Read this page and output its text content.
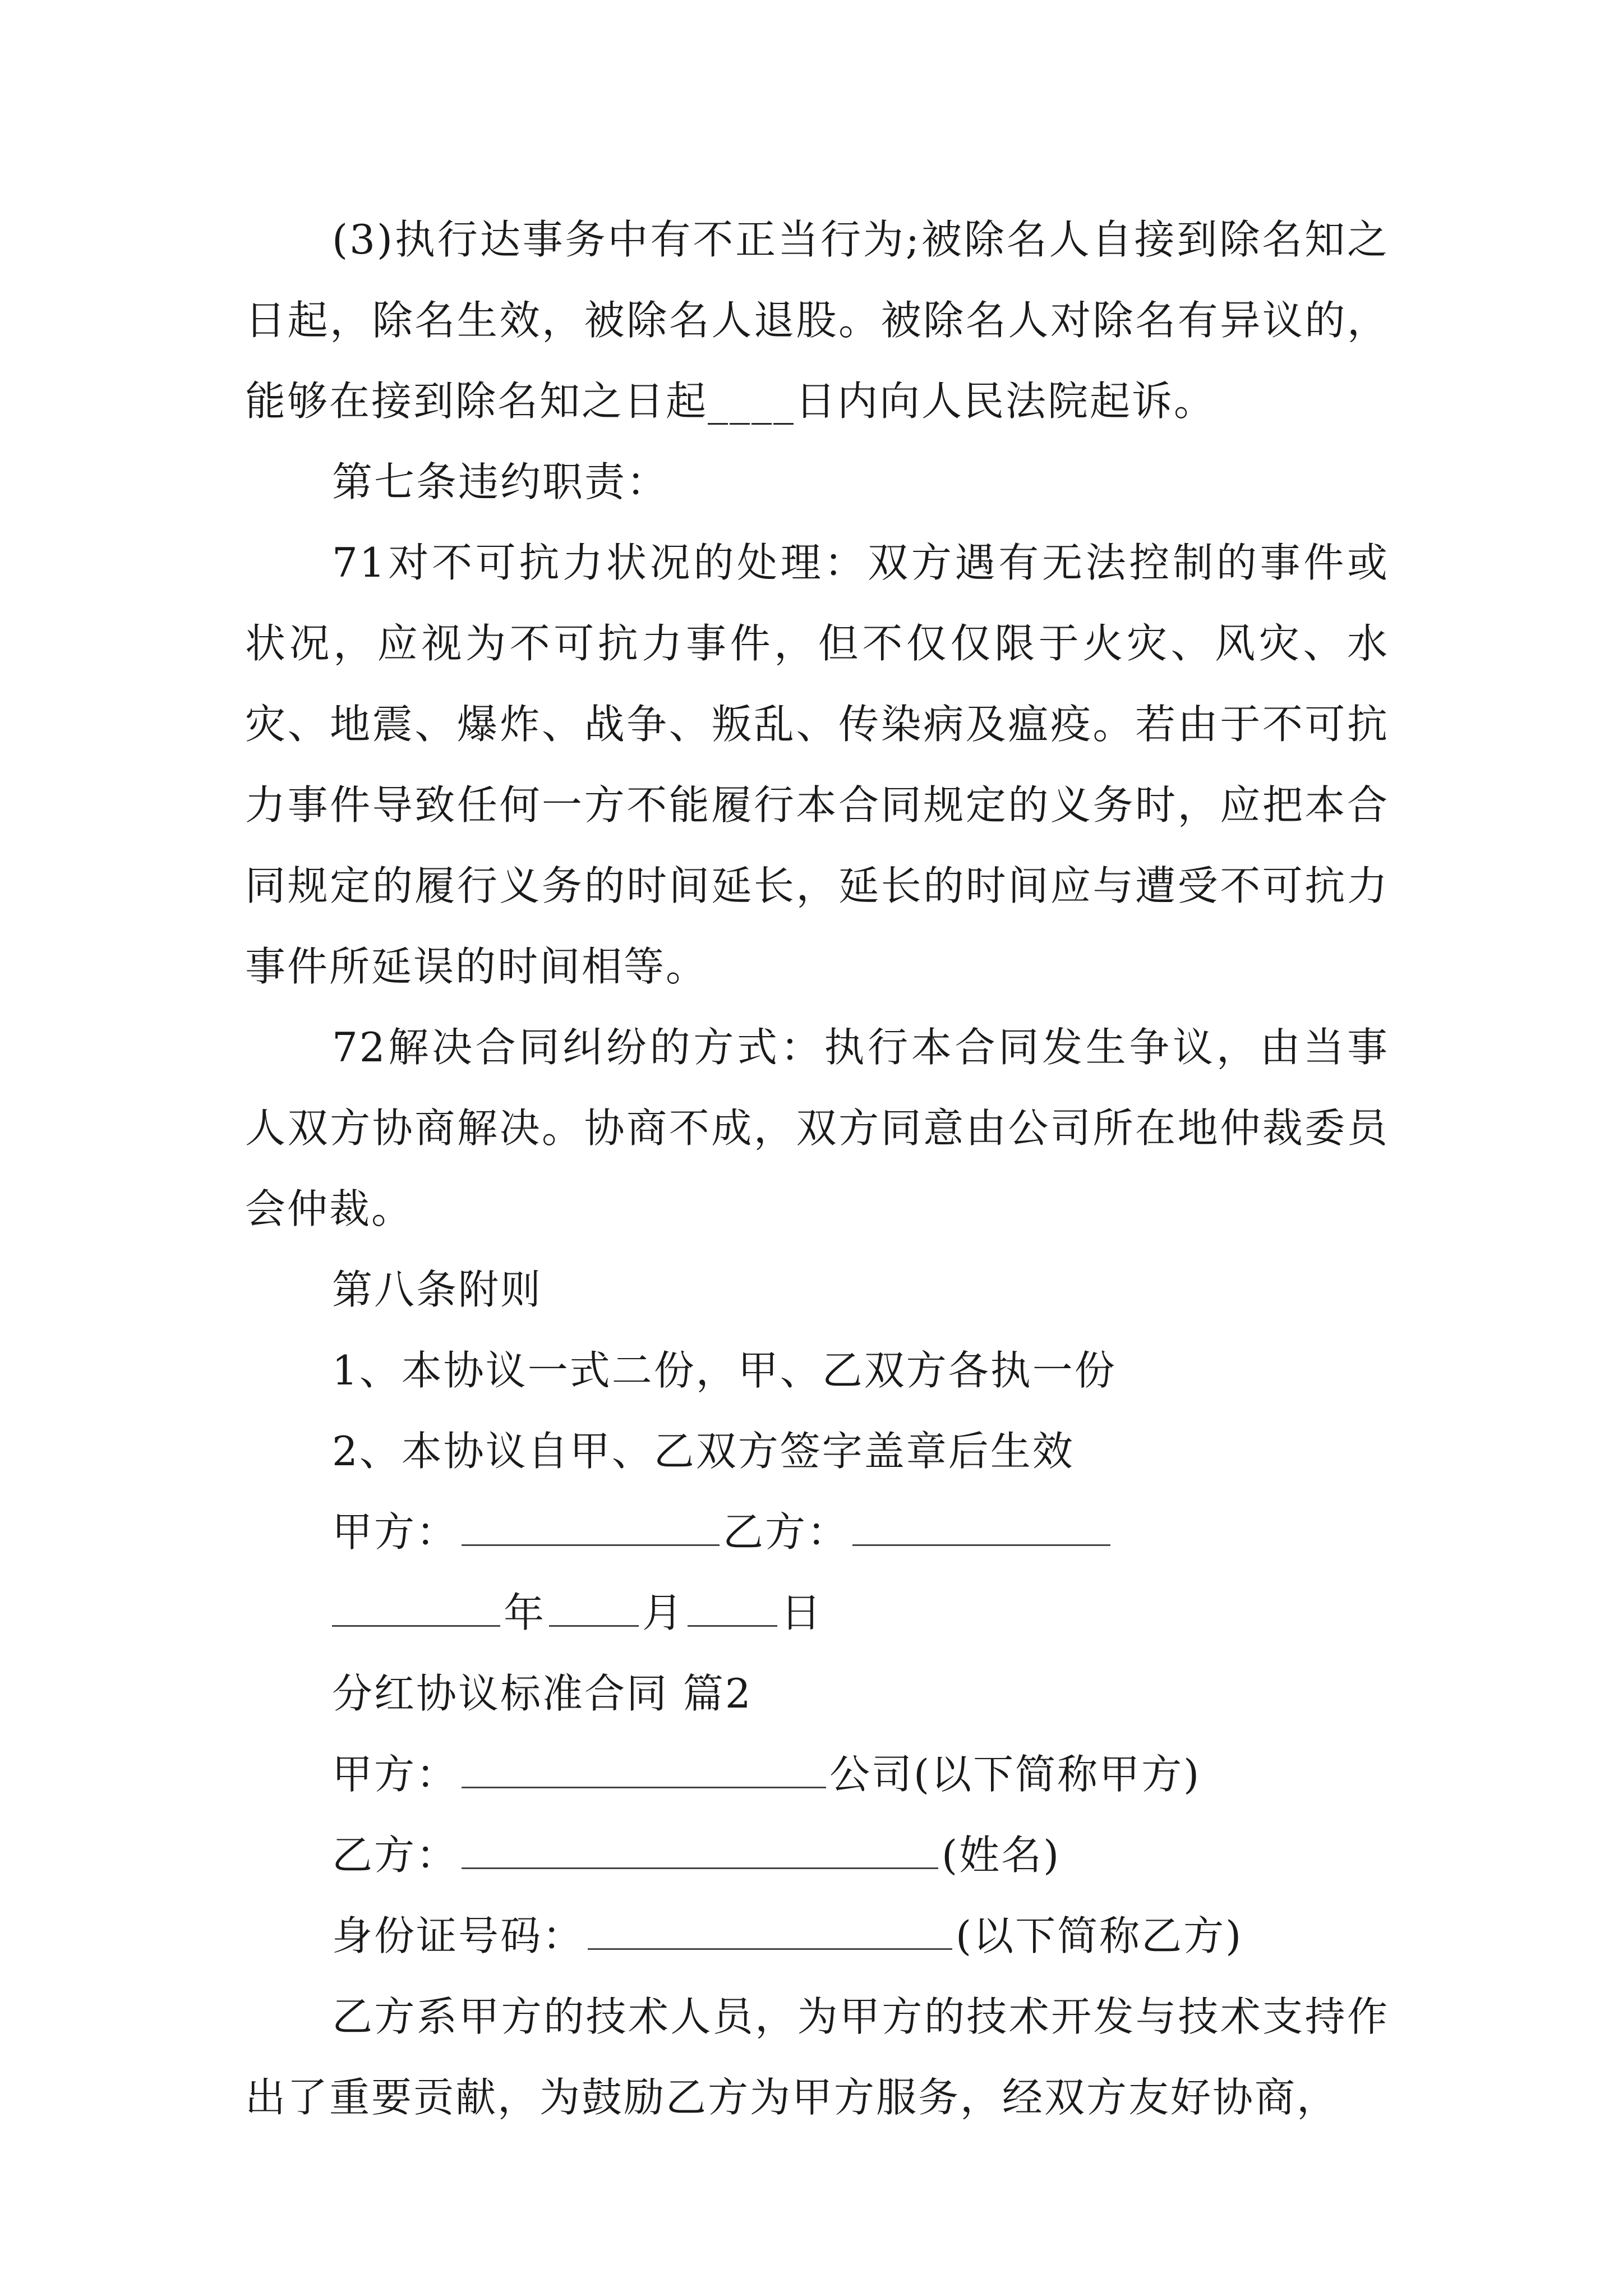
(3)执行达事务中有不正当行为;被除名人自接到除名知之日起，除名生效，被除名人退股。被除名人对除名有异议的，能够在接到除名知之日起____日内向人民法院起诉。

第七条违约职责：

71对不可抗力状况的处理：双方遇有无法控制的事件或状况，应视为不可抗力事件，但不仅仅限于火灾、风灾、水灾、地震、爆炸、战争、叛乱、传染病及瘟疫。若由于不可抗力事件导致任何一方不能履行本合同规定的义务时，应把本合同规定的履行义务的时间延长，延长的时间应与遭受不可抗力事件所延误的时间相等。

72解决合同纠纷的方式：执行本合同发生争议，由当事人双方协商解决。协商不成，双方同意由公司所在地仲裁委员会仲裁。

第八条附则

1、本协议一式二份，甲、乙双方各执一份

2、本协议自甲、乙双方签字盖章后生效

甲方：	乙方：

年 月 日

分红协议标准合同 篇2

甲方：	公司(以下简称甲方)

乙方：	(姓名)

身份证号码：	(以下简称乙方)

乙方系甲方的技术人员，为甲方的技术开发与技术支持作出了重要贡献，为鼓励乙方为甲方服务，经双方友好协商，
